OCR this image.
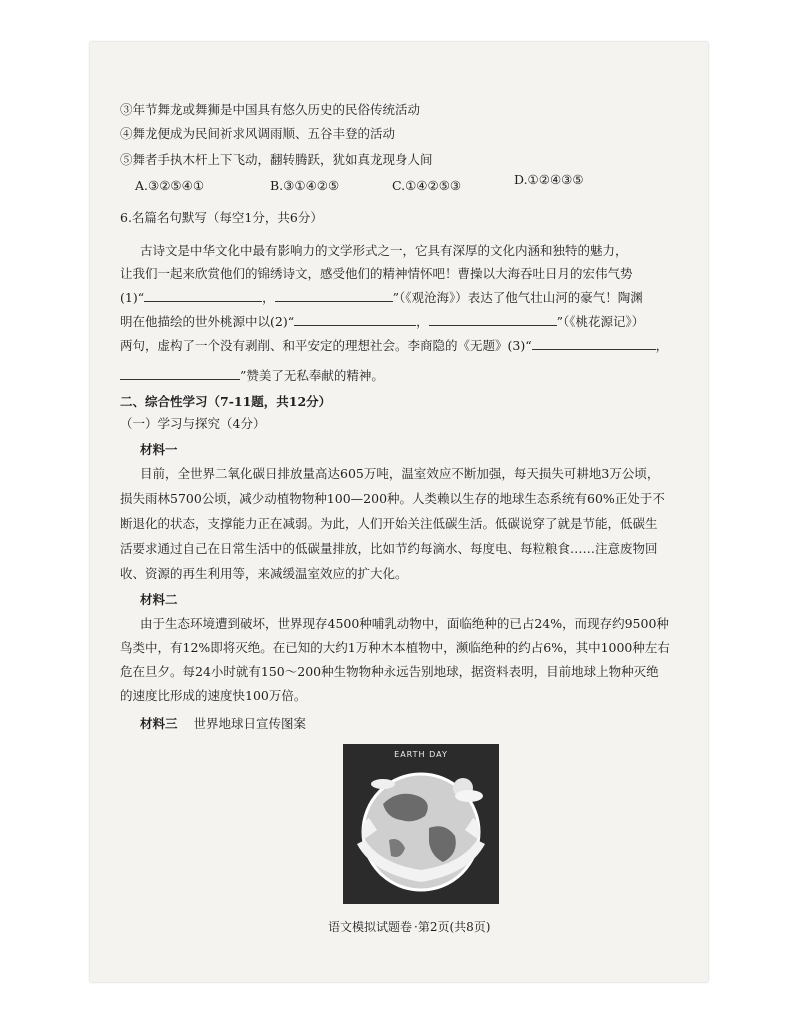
③年节舞龙或舞狮是中国具有悠久历史的民俗传统活动
④舞龙便成为民间祈求风调雨顺、五谷丰登的活动
⑤舞者手执木杆上下飞动，翻转腾跃，犹如真龙现身人间
A.③②⑤④①	B.③①④②⑤	C.①④②⑤③	D.①②④③⑤
6.名篇名句默写（每空1分，共6分）
古诗文是中华文化中最有影响力的文学形式之一，它具有深厚的文化内涵和独特的魅力，
让我们一起来欣赏他们的锦绣诗文，感受他们的精神情怀吧！曹操以大海吞吐日月的宏伟气势
(1)“	，	”（《观沧海》）表达了他气壮山河的豪气！陶渊
明在他描绘的世外桃源中以(2)“	，	”（《桃花源记》）
两句，虚构了一个没有剥削、和平安定的理想社会。李商隐的《无题》(3)“	，
”赞美了无私奉献的精神。
二、综合性学习（7-11题，共12分）
（一）学习与探究（4分）
材料一
目前，全世界二氧化碳日排放量高达605万吨，温室效应不断加强，每天损失可耕地3万公顷，
损失雨林5700公顷，减少动植物物种100—200种。人类赖以生存的地球生态系统有60%正处于不
断退化的状态，支撑能力正在减弱。为此，人们开始关注低碳生活。低碳说穿了就是节能，低碳生
活要求通过自己在日常生活中的低碳量排放，比如节约每滴水、每度电、每粒粮食……注意废物回
收、资源的再生利用等，来减缓温室效应的扩大化。
材料二
由于生态环境遭到破坏，世界现存4500种哺乳动物中，面临绝种的已占24%，而现存约9500种
鸟类中，有12%即将灭绝。在已知的大约1万种木本植物中，濒临绝种的约占6%，其中1000种左右
危在旦夕。每24小时就有150～200种生物物种永远告别地球，据资料表明，目前地球上物种灭绝
的速度比形成的速度快100万倍。
材料三 世界地球日宣传图案
EARTH DAY
语文模拟试题卷 ·第2页(共8页)
